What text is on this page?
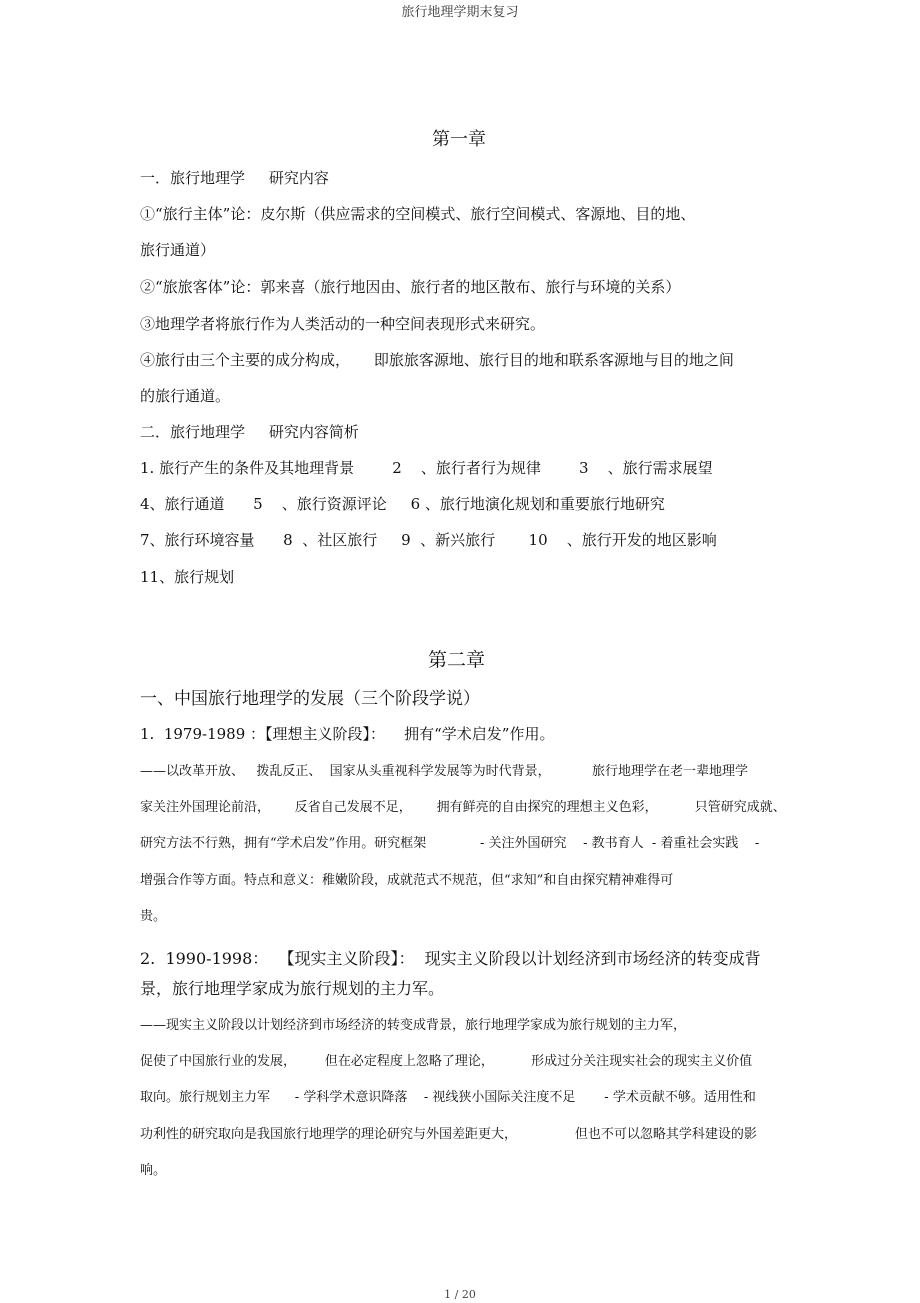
旅行地理学期末复习
第一章
一．旅行地理学     研究内容
①“旅行主体”论：皮尔斯（供应需求的空间模式、旅行空间模式、客源地、目的地、
旅行通道）
②“旅旅客体”论：郭来喜（旅行地因由、旅行者的地区散布、旅行与环境的关系）
③地理学者将旅行作为人类活动的一种空间表现形式来研究。
④旅行由三个主要的成分构成，     即旅旅客源地、旅行目的地和联系客源地与目的地之间
的旅行通道。
二．旅行地理学     研究内容简析
1. 旅行产生的条件及其地理背景        2    、旅行者行为规律        3    、旅行需求展望
4、旅行通道      5    、旅行资源评论     6 、旅行地演化规划和重要旅行地研究
7、旅行环境容量      8  、社区旅行     9  、新兴旅行       10    、旅行开发的地区影响
11、旅行规划
第二章
一、中国旅行地理学的发展（三个阶段学说）
1.  1979-1989 ：【理想主义阶段】：    拥有“学术启发”作用。
——以改革开放、   拨乱反正、  国家从头重视科学发展等为时代背景，          旅行地理学在老一辈地理学
家关注外国理论前沿，      反省自己发展不足，      拥有鲜亮的自由探究的理想主义色彩，         只管研究成就、
研究方法不行熟，拥有“学术启发”作用。研究框架             - 关注外国研究    - 教书育人  - 着重社会实践    -
增强合作等方面。特点和意义：稚嫩阶段，成就范式不规范，但“求知”和自由探究精神难得可
贵。
2.  1990-1998：  【现实主义阶段】：  现实主义阶段以计划经济到市场经济的转变成背
景，旅行地理学家成为旅行规划的主力军。
——现实主义阶段以计划经济到市场经济的转变成背景，旅行地理学家成为旅行规划的主力军，
促使了中国旅行业的发展，       但在必定程度上忽略了理论，         形成过分关注现实社会的现实主义价值
取向。旅行规划主力军      - 学科学术意识降落    - 视线狭小国际关注度不足       - 学术贡献不够。适用性和
功利性的研究取向是我国旅行地理学的理论研究与外国差距更大，              但也不可以忽略其学科建设的影
响。
1 / 20
